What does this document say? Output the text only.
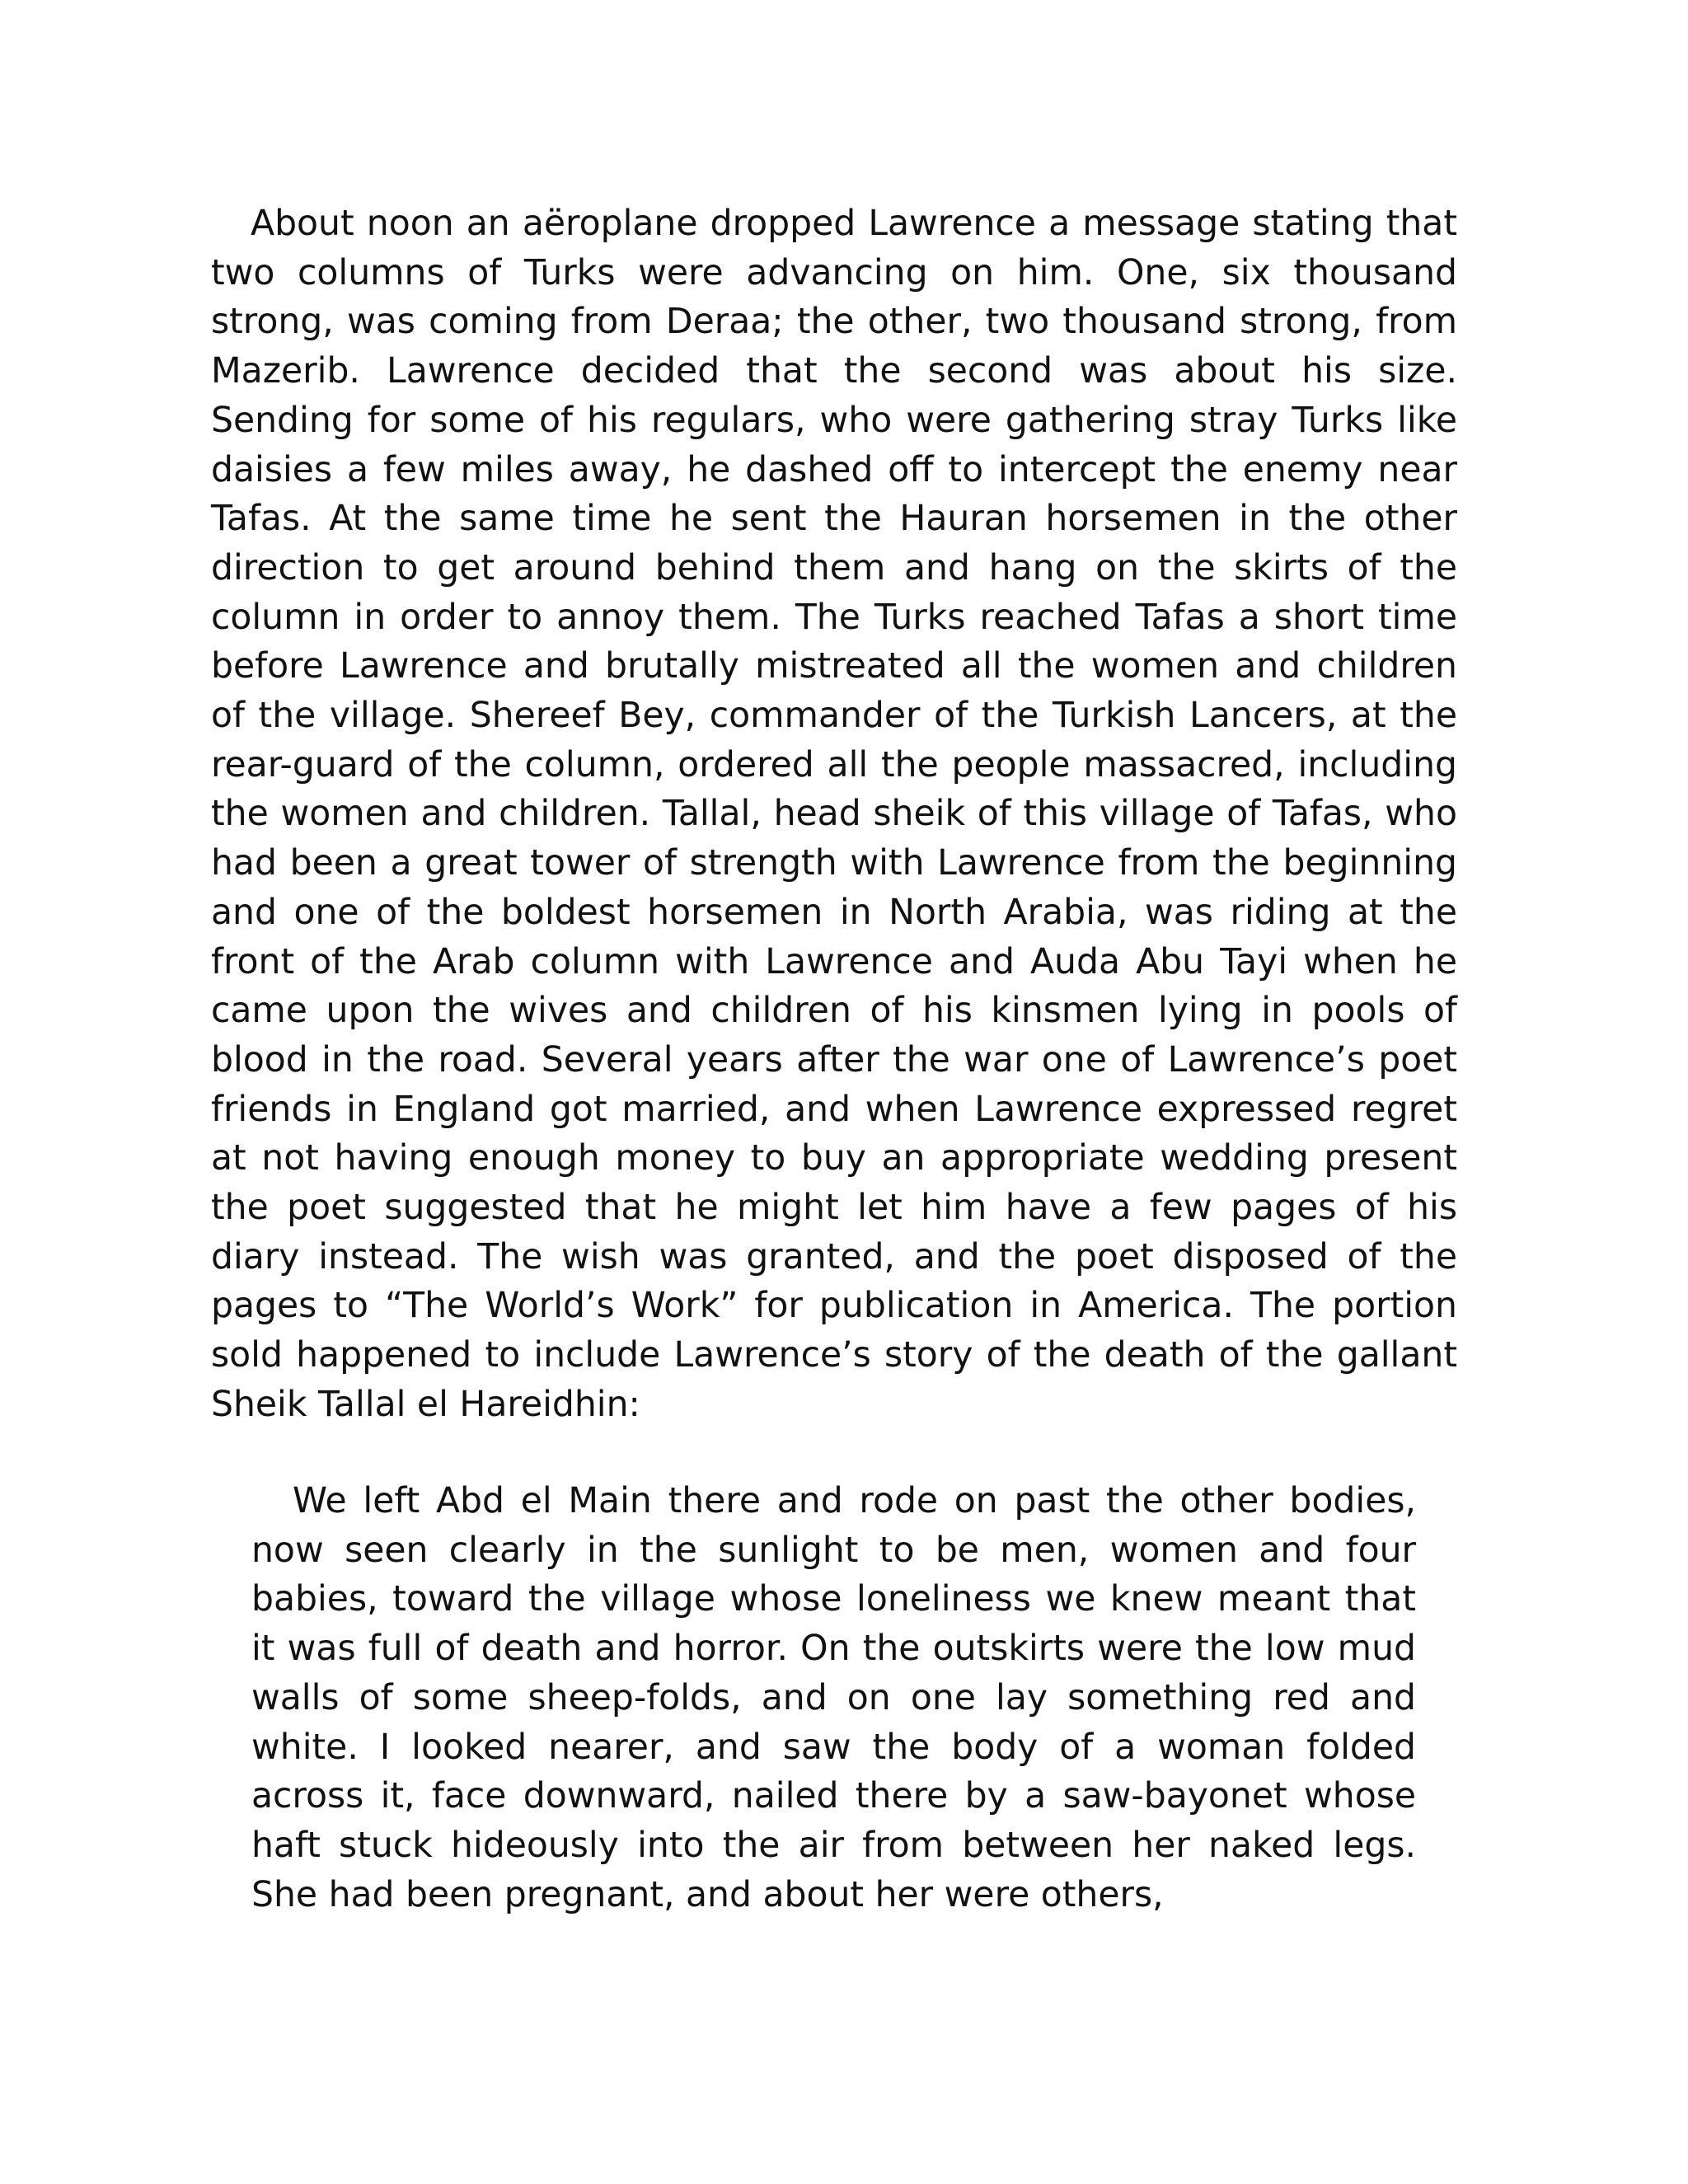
About noon an aëroplane dropped Lawrence a message stating that two columns of Turks were advancing on him. One, six thousand strong, was coming from Deraa; the other, two thousand strong, from Mazerib. Lawrence decided that the second was about his size. Sending for some of his regulars, who were gathering stray Turks like daisies a few miles away, he dashed off to intercept the enemy near Tafas. At the same time he sent the Hauran horsemen in the other direction to get around behind them and hang on the skirts of the column in order to annoy them. The Turks reached Tafas a short time before Lawrence and brutally mistreated all the women and children of the village. Shereef Bey, commander of the Turkish Lancers, at the rear-guard of the column, ordered all the people massacred, including the women and children. Tallal, head sheik of this village of Tafas, who had been a great tower of strength with Lawrence from the beginning and one of the boldest horsemen in North Arabia, was riding at the front of the Arab column with Lawrence and Auda Abu Tayi when he came upon the wives and children of his kinsmen lying in pools of blood in the road. Several years after the war one of Lawrence’s poet friends in England got married, and when Lawrence expressed regret at not having enough money to buy an appropriate wedding present the poet suggested that he might let him have a few pages of his diary instead. The wish was granted, and the poet disposed of the pages to “The World’s Work” for publication in America. The portion sold happened to include Lawrence’s story of the death of the gallant Sheik Tallal el Hareidhin:

We left Abd el Main there and rode on past the other bodies, now seen clearly in the sunlight to be men, women and four babies, toward the village whose loneliness we knew meant that it was full of death and horror. On the outskirts were the low mud walls of some sheep-folds, and on one lay something red and white. I looked nearer, and saw the body of a woman folded across it, face downward, nailed there by a saw-bayonet whose haft stuck hideously into the air from between her naked legs. She had been pregnant, and about her were others,
